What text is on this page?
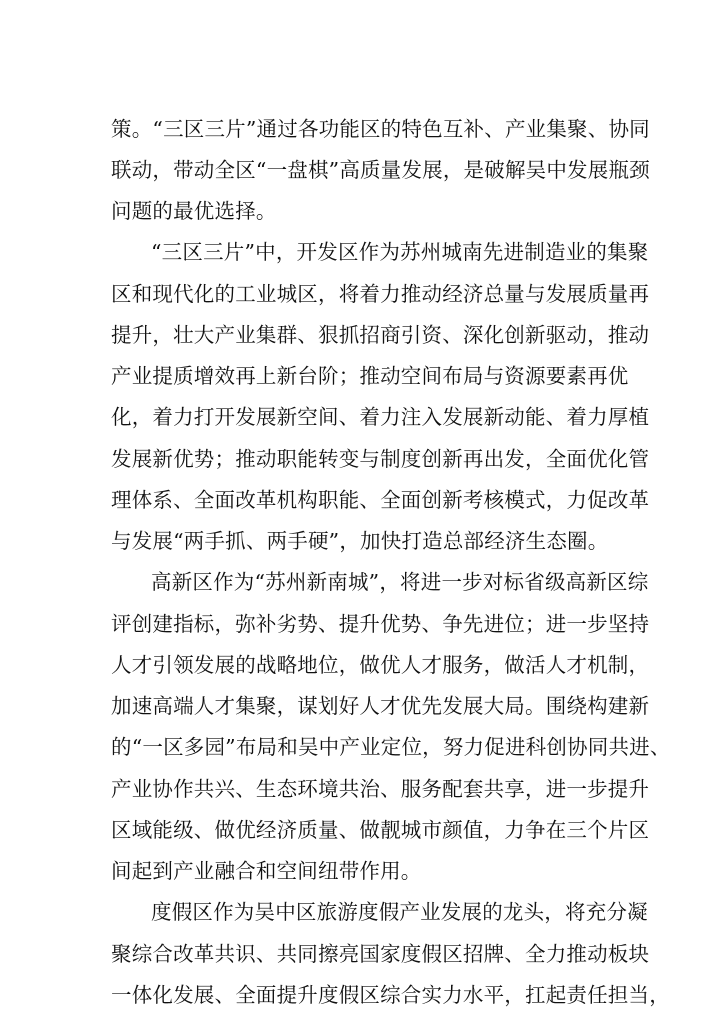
策。“三区三片”通过各功能区的特色互补、产业集聚、协同
联动，带动全区“一盘棋”高质量发展，是破解吴中发展瓶颈
问题的最优选择。
“三区三片”中，开发区作为苏州城南先进制造业的集聚
区和现代化的工业城区，将着力推动经济总量与发展质量再
提升，壮大产业集群、狠抓招商引资、深化创新驱动，推动
产业提质增效再上新台阶；推动空间布局与资源要素再优
化，着力打开发展新空间、着力注入发展新动能、着力厚植
发展新优势；推动职能转变与制度创新再出发，全面优化管
理体系、全面改革机构职能、全面创新考核模式，力促改革
与发展“两手抓、两手硬”，加快打造总部经济生态圈。
高新区作为“苏州新南城”，将进一步对标省级高新区综
评创建指标，弥补劣势、提升优势、争先进位；进一步坚持
人才引领发展的战略地位，做优人才服务，做活人才机制，
加速高端人才集聚，谋划好人才优先发展大局。围绕构建新
的“一区多园”布局和吴中产业定位，努力促进科创协同共进、
产业协作共兴、生态环境共治、服务配套共享，进一步提升
区域能级、做优经济质量、做靓城市颜值，力争在三个片区
间起到产业融合和空间纽带作用。
度假区作为吴中区旅游度假产业发展的龙头，将充分凝
聚综合改革共识、共同擦亮国家度假区招牌、全力推动板块
一体化发展、全面提升度假区综合实力水平，扛起责任担当，
